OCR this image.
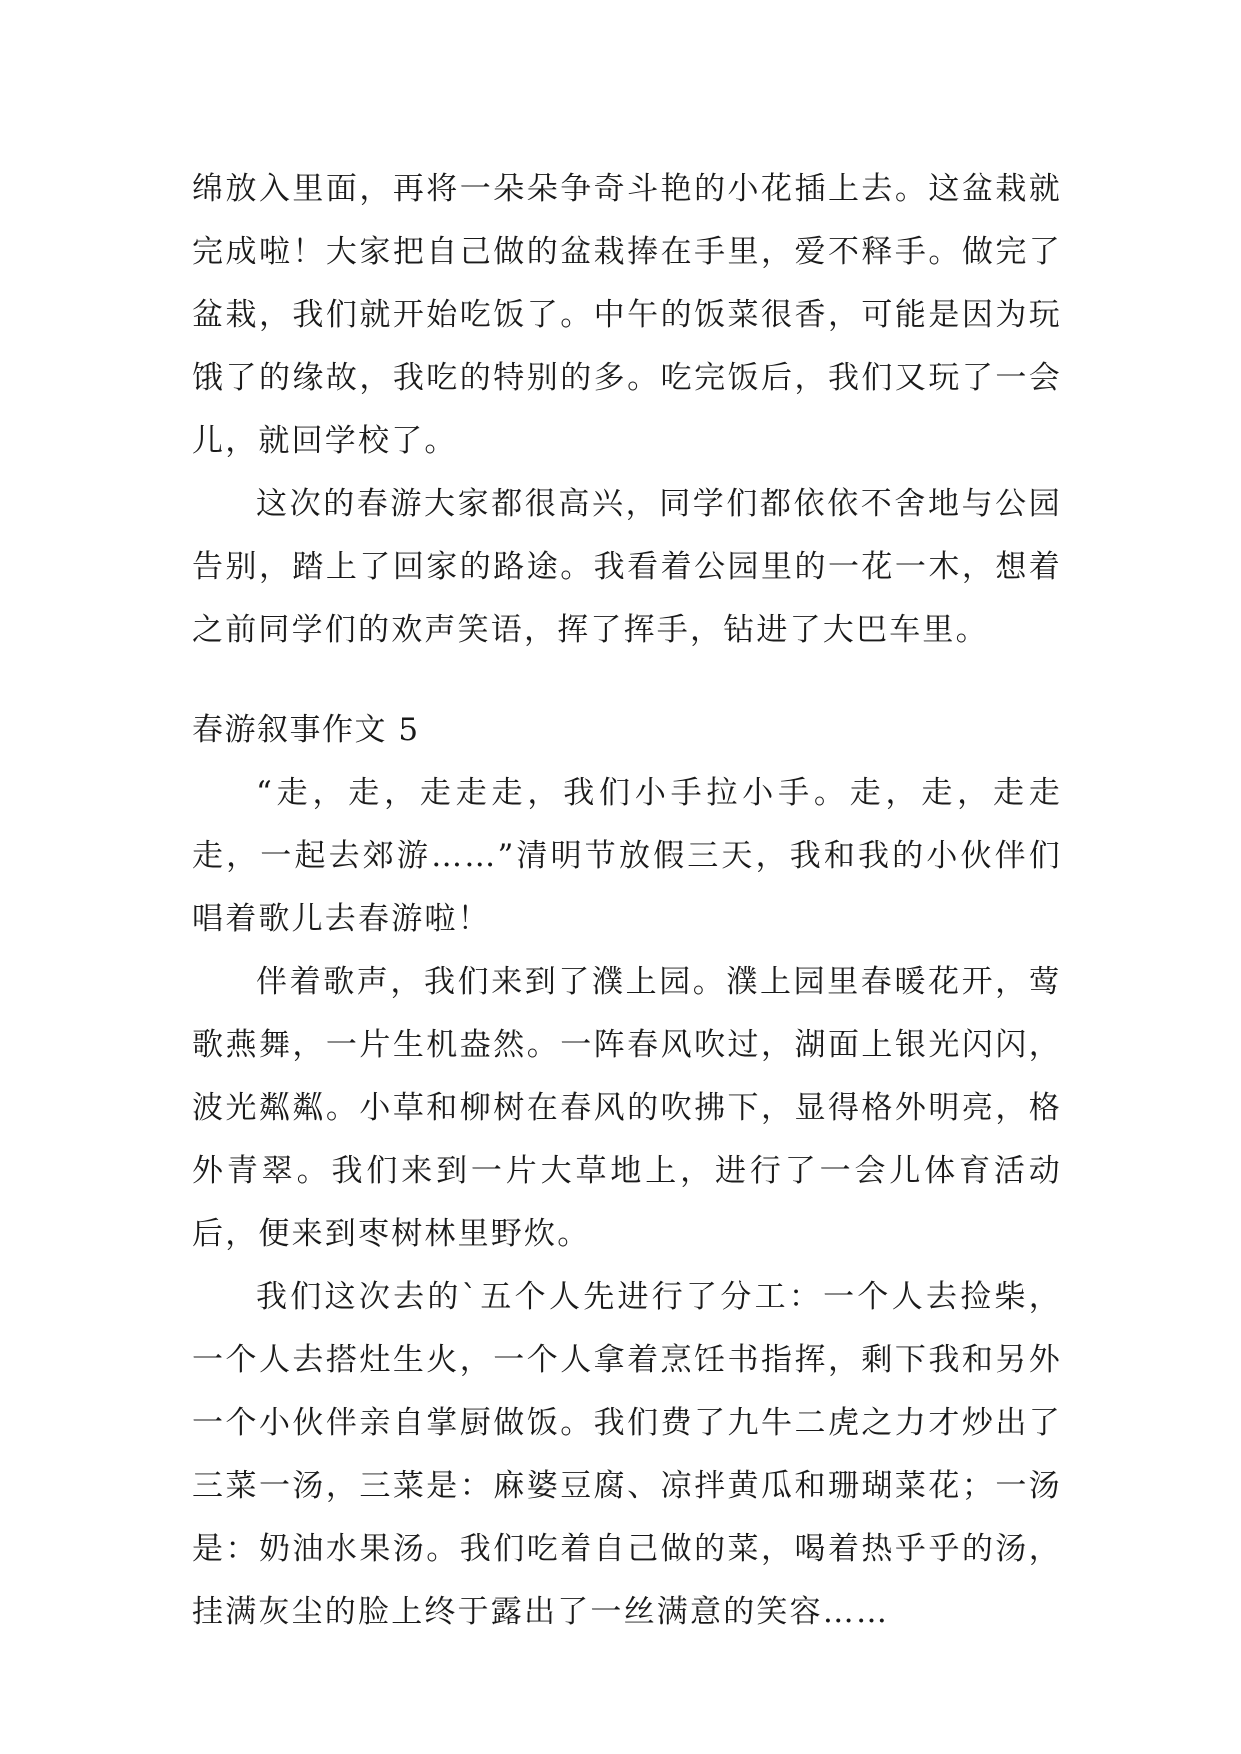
绵放入里面，再将一朵朵争奇斗艳的小花插上去。这盆栽就完成啦！大家把自己做的盆栽捧在手里，爱不释手。做完了盆栽，我们就开始吃饭了。中午的饭菜很香，可能是因为玩饿了的缘故，我吃的特别的多。吃完饭后，我们又玩了一会儿，就回学校了。

这次的春游大家都很高兴，同学们都依依不舍地与公园告别，踏上了回家的路途。我看着公园里的一花一木，想着之前同学们的欢声笑语，挥了挥手，钻进了大巴车里。

春游叙事作文 5

“走，走，走走走，我们小手拉小手。走，走，走走走，一起去郊游……”清明节放假三天，我和我的小伙伴们唱着歌儿去春游啦！

伴着歌声，我们来到了濮上园。濮上园里春暖花开，莺歌燕舞，一片生机盎然。一阵春风吹过，湖面上银光闪闪，波光粼粼。小草和柳树在春风的吹拂下，显得格外明亮，格外青翠。我们来到一片大草地上，进行了一会儿体育活动后，便来到枣树林里野炊。

我们这次去的`五个人先进行了分工：一个人去捡柴，一个人去搭灶生火，一个人拿着烹饪书指挥，剩下我和另外一个小伙伴亲自掌厨做饭。我们费了九牛二虎之力才炒出了三菜一汤，三菜是：麻婆豆腐、凉拌黄瓜和珊瑚菜花；一汤是：奶油水果汤。我们吃着自己做的菜，喝着热乎乎的汤，挂满灰尘的脸上终于露出了一丝满意的笑容……
